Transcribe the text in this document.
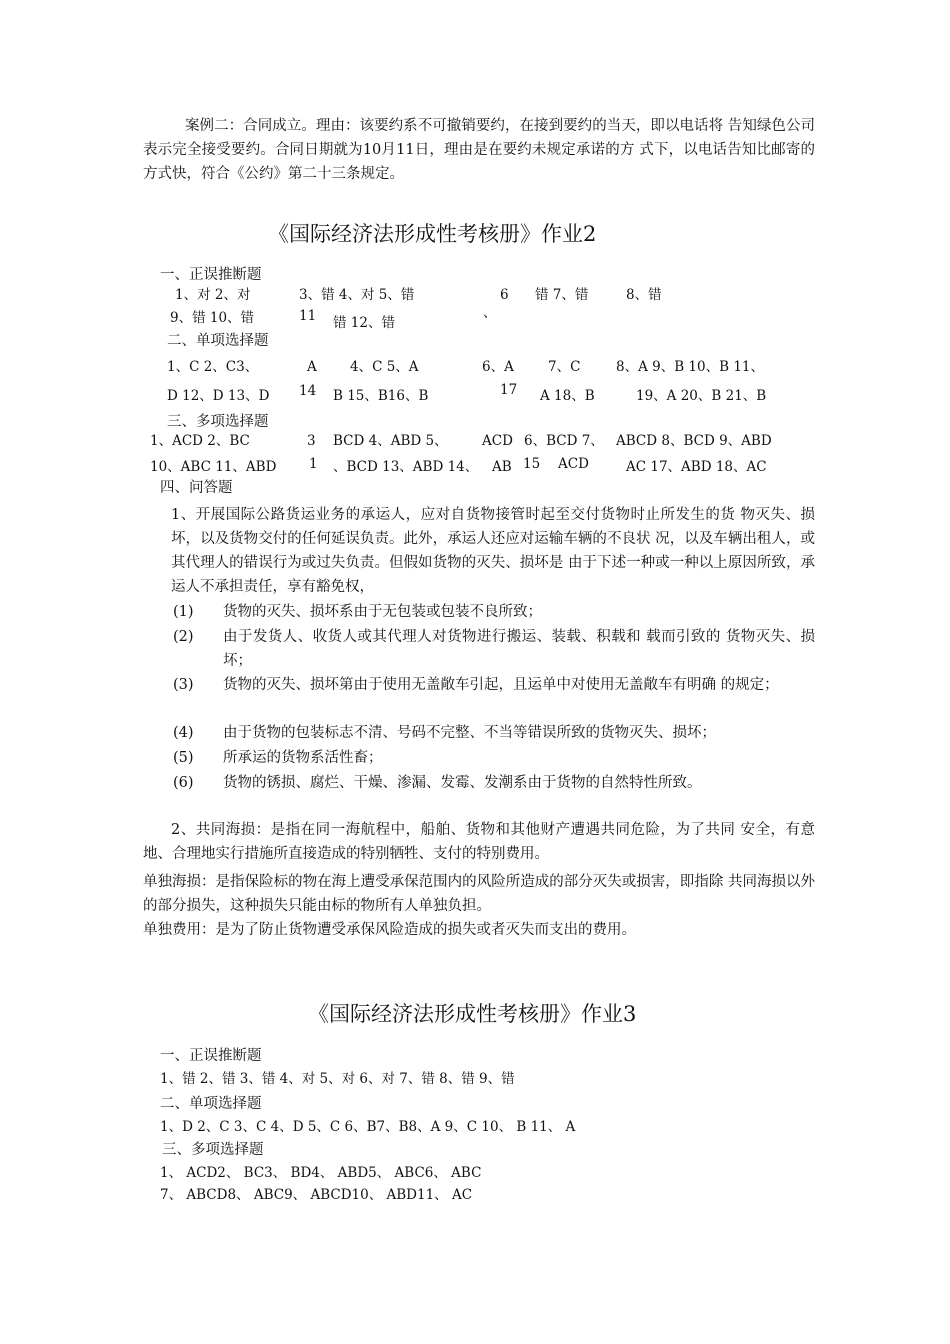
案例二：合同成立。理由：该要约系不可撤销要约，在接到要约的当天，即以电话将 告知绿色公司表示完全接受要约。合同日期就为10月11日，理由是在要约未规定承诺的方 式下，以电话告知比邮寄的方式快，符合《公约》第二十三条规定。
《国际经济法形成性考核册》作业2
一、正误推断题
1、对 2、对	3、错 4、对 5、错	6 错 7、错	8、错
9、错 10、错	11 错 12、错
、
二、单项选择题
1、C 2、C3、	A 4、C 5、A	6、A	7、C	8、A 9、B 10、B 11、
D 12、D 13、D 14 B 15、B16、B	17 A 18、B	19、A 20、B 21、B
三、多项选择题
1、ACD 2、BC	3 BCD 4、ABD 5、	ACD 6、BCD 7、 ABCD 8、BCD 9、ABD
10、ABC 11、ABD 1 、BCD 13、ABD 14、 AB 15 ACD	AC 17、ABD 18、AC
四、问答题
1、开展国际公路货运业务的承运人，应对自货物接管时起至交付货物时止所发生的货 物灭失、损坏，以及货物交付的任何延误负责。此外，承运人还应对运输车辆的不良状 况，以及车辆出租人，或其代理人的错误行为或过失负责。但假如货物的灭失、损坏是 由于下述一种或一种以上原因所致，承运人不承担责任，享有豁免权，
(1) 货物的灭失、损坏系由于无包装或包装不良所致；
(2) 由于发货人、收货人或其代理人对货物进行搬运、装载、积载和 载而引致的 货物灭失、损坏；
(3) 货物的灭失、损坏第由于使用无盖敞车引起，且运单中对使用无盖敞车有明确 的规定；
(4) 由于货物的包装标志不清、号码不完整、不当等错误所致的货物灭失、损坏；
(5) 所承运的货物系活性畜；
(6) 货物的锈损、腐烂、干燥、渗漏、发霉、发潮系由于货物的自然特性所致。
2、共同海损：是指在同一海航程中，船舶、货物和其他财产遭遇共同危险，为了共同 安全，有意地、合理地实行措施所直接造成的特别牺牲、支付的特别费用。
单独海损：是指保险标的物在海上遭受承保范围内的风险所造成的部分灭失或损害，即指除 共同海损以外的部分损失，这种损失只能由标的物所有人单独负担。
单独费用：是为了防止货物遭受承保风险造成的损失或者灭失而支出的费用。
《国际经济法形成性考核册》作业3
一、正误推断题
1、错 2、错 3、错 4、对 5、对 6、对 7、错 8、错 9、错
二、单项选择题
1、D 2、C 3、C 4、D 5、C 6、B7、B8、A 9、C 10、 B 11、 A
三、多项选择题
1、 ACD2、 BC3、 BD4、 ABD5、 ABC6、 ABC
7、 ABCD8、 ABC9、 ABCD10、 ABD11、 AC
